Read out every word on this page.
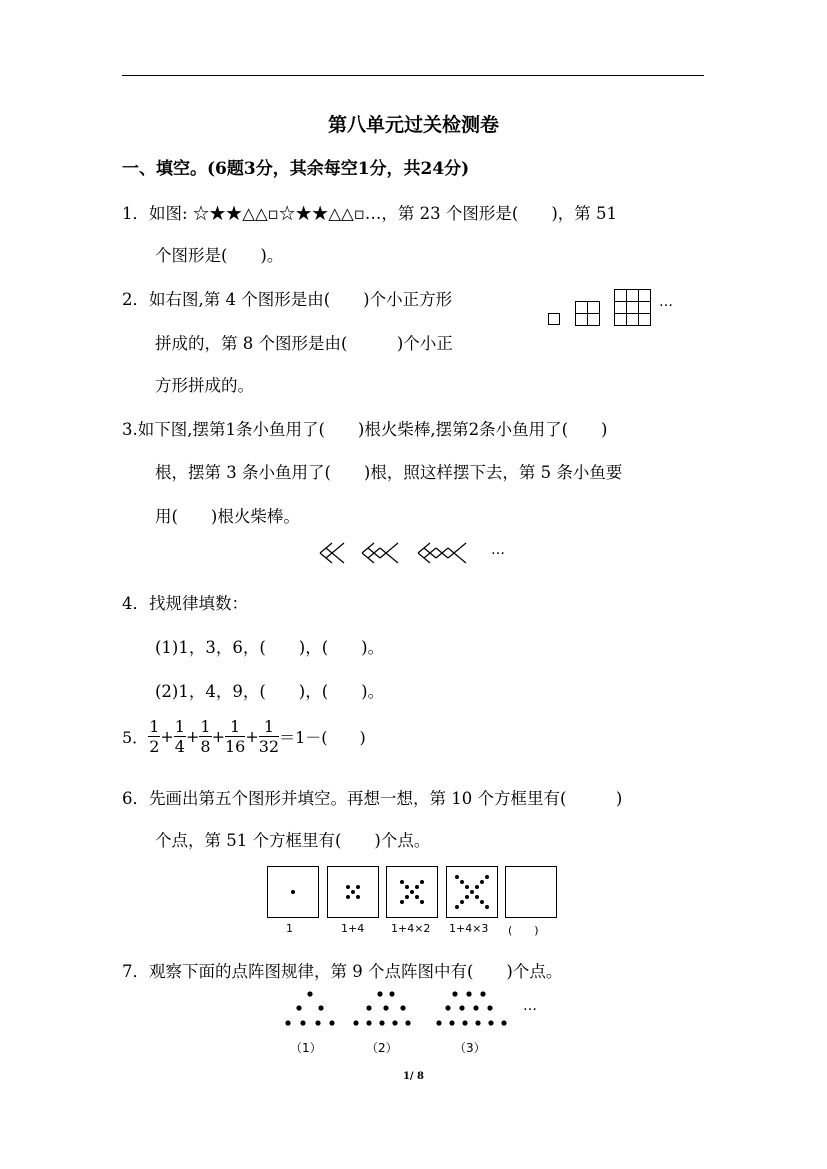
第八单元过关检测卷
一、填空。(6题3分，其余每空1分，共24分)
1．如图: ☆★★△△▫☆★★△△▫…，第 23 个图形是(　　)，第 51
个图形是(　　)。
2．如右图,第 4 个图形是由(　　)个小正方形
拼成的，第 8 个图形是由(　　　)个小正
方形拼成的。
…
3.如下图,摆第1条小鱼用了(　　)根火柴棒,摆第2条小鱼用了(　　)
根，摆第 3 条小鱼用了(　　)根，照这样摆下去，第 5 条小鱼要
用(　　)根火柴棒。
…
4．找规律填数：
(1)1，3，6，(　　)，(　　)。
(2)1，4，9，(　　)，(　　)。
5． $\frac{1}{2} + \frac{1}{4} + \frac{1}{8} + \frac{1}{16} + \frac{1}{32} =1-$(　　)
6．先画出第五个图形并填空。再想一想，第 10 个方框里有(　　　)
个点，第 51 个方框里有(　　)个点。
1	1+4 1+4×2 1+4×3 (　　)
7．观察下面的点阵图规律，第 9 个点阵图中有(　　)个点。
…
（1）	（2）	（3）
1/ 8
